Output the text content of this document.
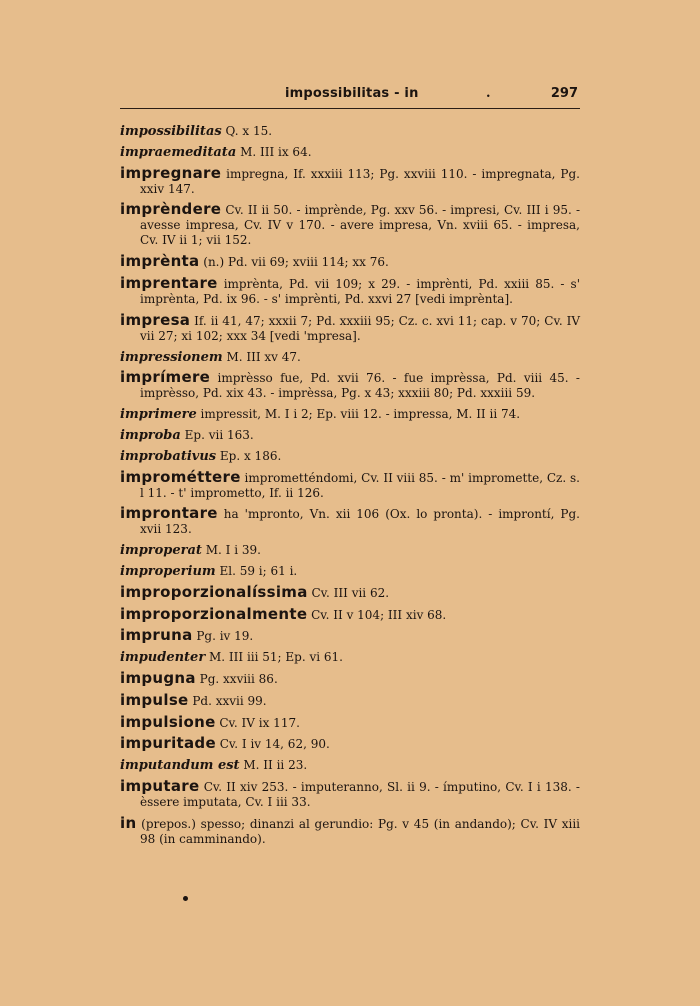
impossibilitas - in	.	297

impossibilitas Q. x 15.

impraemeditata M. III ix 64.

impregnare impregna, If. xxxiii 113; Pg. xxviii 110. - impregnata, Pg. xxiv 147.

imprèndere Cv. II ii 50. - imprènde, Pg. xxv 56. - impresi, Cv. III i 95. - avesse impresa, Cv. IV v 170. - avere impresa, Vn. xviii 65. - impresa, Cv. IV ii 1; vii 152.

imprènta (n.) Pd. vii 69; xviii 114; xx 76.

imprentare imprènta, Pd. vii 109; x 29. - imprènti, Pd. xxiii 85. - s' imprènta, Pd. ix 96. - s' imprènti, Pd. xxvi 27 [vedi imprènta].

impresa If. ii 41, 47; xxxii 7; Pd. xxxiii 95; Cz. c. xvi 11; cap. v 70; Cv. IV vii 27; xi 102; xxx 34 [vedi 'mpresa].

impressionem M. III xv 47.

imprímere imprèsso fue, Pd. xvii 76. - fue imprèssa, Pd. viii 45. - imprèsso, Pd. xix 43. - imprèssa, Pg. x 43; xxxiii 80; Pd. xxxiii 59.

imprimere impressit, M. I i 2; Ep. viii 12. - impressa, M. II ii 74.

improba Ep. vii 163.

improbativus Ep. x 186.

improméttere imprometténdomi, Cv. II viii 85. - m' impromette, Cz. s. l 11. - t' imprometto, If. ii 126.

improntare ha 'mpronto, Vn. xii 106 (Ox. lo pronta). - improntí, Pg. xvii 123.

improperat M. I i 39.

improperium El. 59 i; 61 i.

improporzionalíssima Cv. III vii 62.

improporzionalmente Cv. II v 104; III xiv 68.

impruna Pg. iv 19.

impudenter M. III iii 51; Ep. vi 61.

impugna Pg. xxviii 86.

impulse Pd. xxvii 99.

impulsione Cv. IV ix 117.

impuritade Cv. I iv 14, 62, 90.

imputandum est M. II ii 23.

imputare Cv. II xiv 253. - imputeranno, Sl. ii 9. - ímputino, Cv. I i 138. - èssere imputata, Cv. I iii 33.

in (prepos.) spesso; dinanzi al gerundio: Pg. v 45 (in andando); Cv. IV xiii 98 (in camminando).
